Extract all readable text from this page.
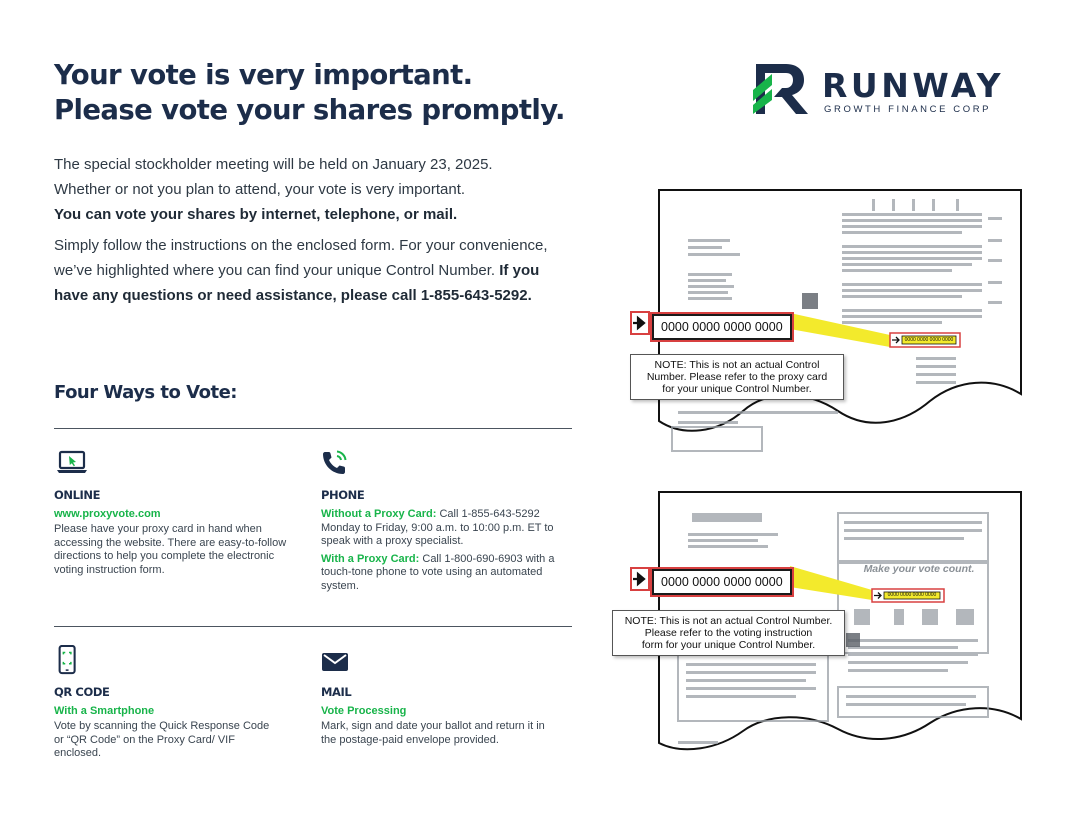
Your vote is very important.
Please vote your shares promptly.

The special stockholder meeting will be held on January 23, 2025.
Whether or not you plan to attend, your vote is very important.
You can vote your shares by internet, telephone, or mail.

Simply follow the instructions on the enclosed form. For your convenience, we’ve highlighted where you can find your unique Control Number. If you have any questions or need assistance, please call 1-855-643-5292.

Four Ways to Vote:
ONLINE
www.proxyvote.com

Please have your proxy card in hand when accessing the website. There are easy-to-follow directions to help you complete the electronic voting instruction form.

PHONE

Without a Proxy Card: Call 1-855-643-5292 Monday to Friday, 9:00 a.m. to 10:00 p.m. ET to speak with a proxy specialist.

With a Proxy Card: Call 1-800-690-6903 with a touch-tone phone to vote using an automated system.

QR CODE
With a Smartphone

Vote by scanning the Quick Response Code or “QR Code” on the Proxy Card/ VIF enclosed.

MAIL
Vote Processing

Mark, sign and date your ballot and return it in the postage-paid envelope provided.

RUNWAY
GROWTH FINANCE CORP
0000 0000 0000 0000
0000 0000 0000 0000
NOTE: This is not an actual Control
Number. Please refer to the proxy card
for your unique Control Number.
Make your vote count.
0000 0000 0000 0000
0000 0000 0000 0000
NOTE: This is not an actual Control Number.
Please refer to the voting instruction
form for your unique Control Number.
